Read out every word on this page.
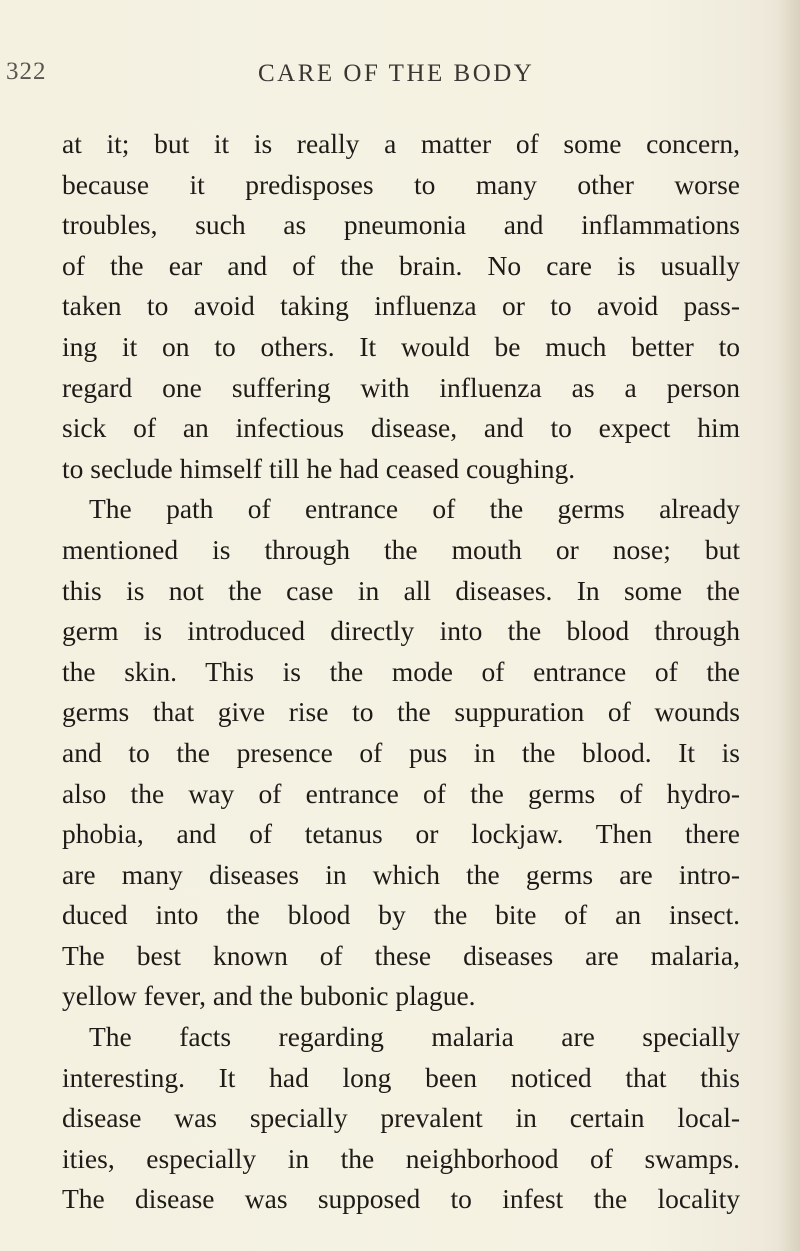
322	CARE OF THE BODY
at it; but it is really a matter of some concern,
because it predisposes to many other worse
troubles, such as pneumonia and inflammations
of the ear and of the brain. No care is usually
taken to avoid taking influenza or to avoid pass-
ing it on to others. It would be much better to
regard one suffering with influenza as a person
sick of an infectious disease, and to expect him
to seclude himself till he had ceased coughing.
The path of entrance of the germs already
mentioned is through the mouth or nose; but
this is not the case in all diseases. In some the
germ is introduced directly into the blood through
the skin. This is the mode of entrance of the
germs that give rise to the suppuration of wounds
and to the presence of pus in the blood. It is
also the way of entrance of the germs of hydro-
phobia, and of tetanus or lockjaw. Then there
are many diseases in which the germs are intro-
duced into the blood by the bite of an insect.
The best known of these diseases are malaria,
yellow fever, and the bubonic plague.
The facts regarding malaria are specially
interesting. It had long been noticed that this
disease was specially prevalent in certain local-
ities, especially in the neighborhood of swamps.
The disease was supposed to infest the locality
